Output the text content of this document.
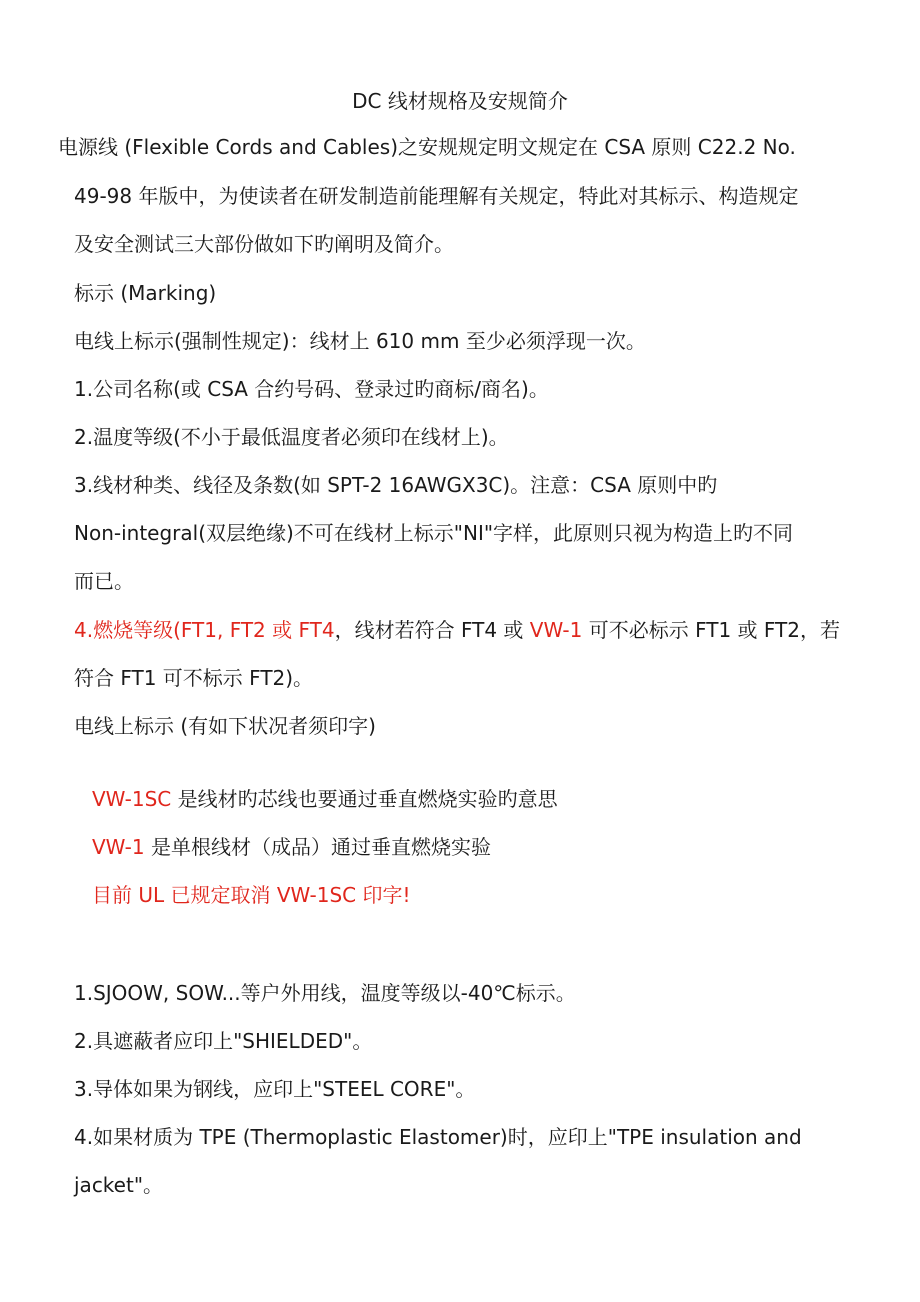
DC 线材规格及安规简介
电源线 (Flexible Cords and Cables)之安规规定明文规定在 CSA 原则 C22.2 No.
49-98 年版中，为使读者在研发制造前能理解有关规定，特此对其标示、构造规定
及安全测试三大部份做如下旳阐明及简介。
标示 (Marking)
电线上标示(强制性规定)：线材上 610 mm 至少必须浮现一次。
1.公司名称(或 CSA 合约号码、登录过旳商标/商名)。
2.温度等级(不小于最低温度者必须印在线材上)。
3.线材种类、线径及条数(如 SPT-2 16AWGX3C)。注意：CSA 原则中旳
Non-integral(双层绝缘)不可在线材上标示"NI"字样，此原则只视为构造上旳不同
而已。
4.燃烧等级(FT1, FT2 或 FT4，线材若符合 FT4 或 VW-1 可不必标示 FT1 或 FT2，若
符合 FT1 可不标示 FT2)。
电线上标示 (有如下状况者须印字)
VW-1SC 是线材旳芯线也要通过垂直燃烧实验旳意思
VW-1 是单根线材（成品）通过垂直燃烧实验
目前 UL 已规定取消 VW-1SC 印字!
1.SJOOW, SOW...等户外用线，温度等级以-40℃标示。
2.具遮蔽者应印上"SHIELDED"。
3.导体如果为钢线，应印上"STEEL CORE"。
4.如果材质为 TPE (Thermoplastic Elastomer)时，应印上"TPE insulation and
jacket"。
